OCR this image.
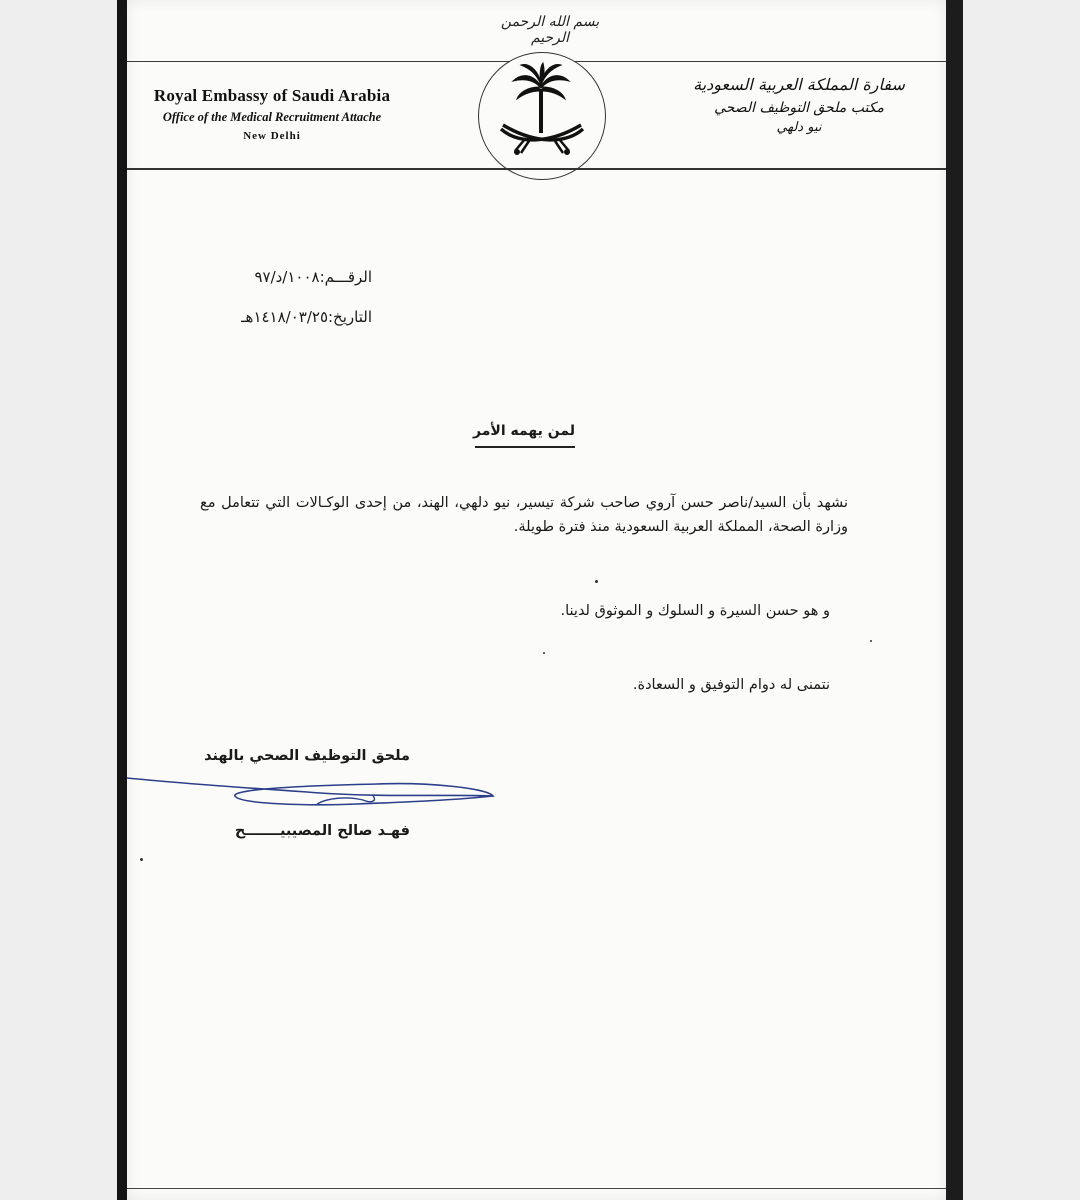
بسم الله الرحمن الرحيم
Royal Embassy of Saudi Arabia
Office of the Medical Recruitment Attache
New Delhi
سفارة المملكة العربية السعودية
مكتب ملحق التوظيف الصحي
نيو دلهي
الرقـــم:١٠٠٨/د/٩٧
التاريخ:١٤١٨/٠٣/٢٥هـ
لمن يهمه الأمر
نشهد بأن السيد/ناصر حسن آروي صاحب شركة تيسير، نيو دلهي، الهند، من إحدى الوكـالات التي تتعامل مع وزارة الصحة، المملكة العربية السعودية منذ فترة طويلة.
و هو حسن السيرة و السلوك و الموثوق لدينا.
نتمنى له دوام التوفيق و السعادة.
ملحق التوظيف الصحي بالهند
فهـد صالح المصيبيـــــــح
